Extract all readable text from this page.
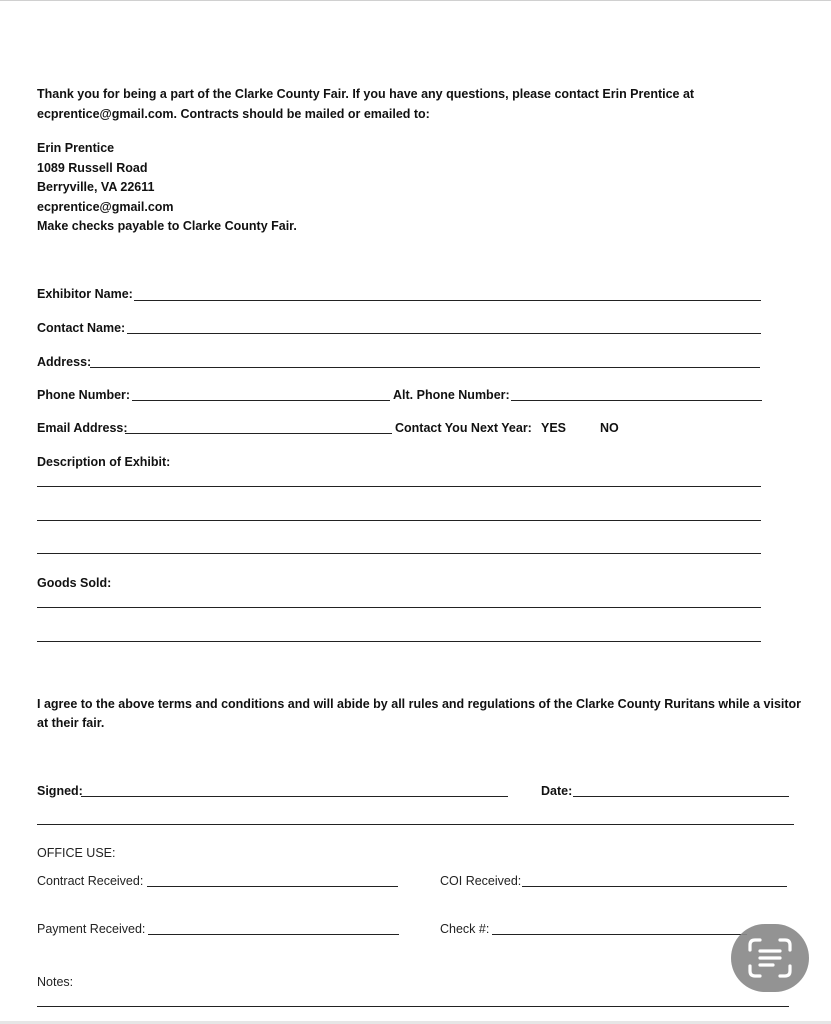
Thank you for being a part of the Clarke County Fair. If you have any questions, please contact Erin Prentice at
ecprentice@gmail.com. Contracts should be mailed or emailed to:
Erin Prentice
1089 Russell Road
Berryville, VA 22611
ecprentice@gmail.com
Make checks payable to Clarke County Fair.
Exhibitor Name:
Contact Name:
Address:
Phone Number:	Alt. Phone Number:
Email Address:	Contact You Next Year: YES	NO
Description of Exhibit:
Goods Sold:
I agree to the above terms and conditions and will abide by all rules and regulations of the Clarke County Ruritans while a visitor
at their fair.
Signed:	Date:
OFFICE USE:
Contract Received:	COI Received:
Payment Received:	Check #:
Notes:
